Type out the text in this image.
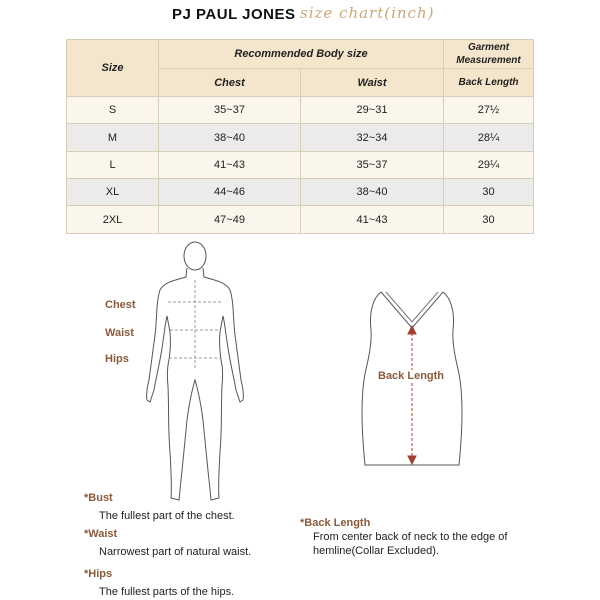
PJ PAUL JONES size chart(inch)
Size	Recommended Body size		Garment Measurement
	Chest	Waist	Back Length
S	35~37	29~31	27½
M	38~40	32~34	28¼
L	41~43	35~37	29¼
XL	44~46	38~40	30
2XL	47~49	41~43	30
Chest
Waist
Hips
Back Length
*Bust
The fullest part of the chest.
*Waist
Narrowest part of natural waist.
*Hips
The fullest parts of the hips.
*Back Length
From center back of neck to the edge of
hemline(Collar Excluded).
